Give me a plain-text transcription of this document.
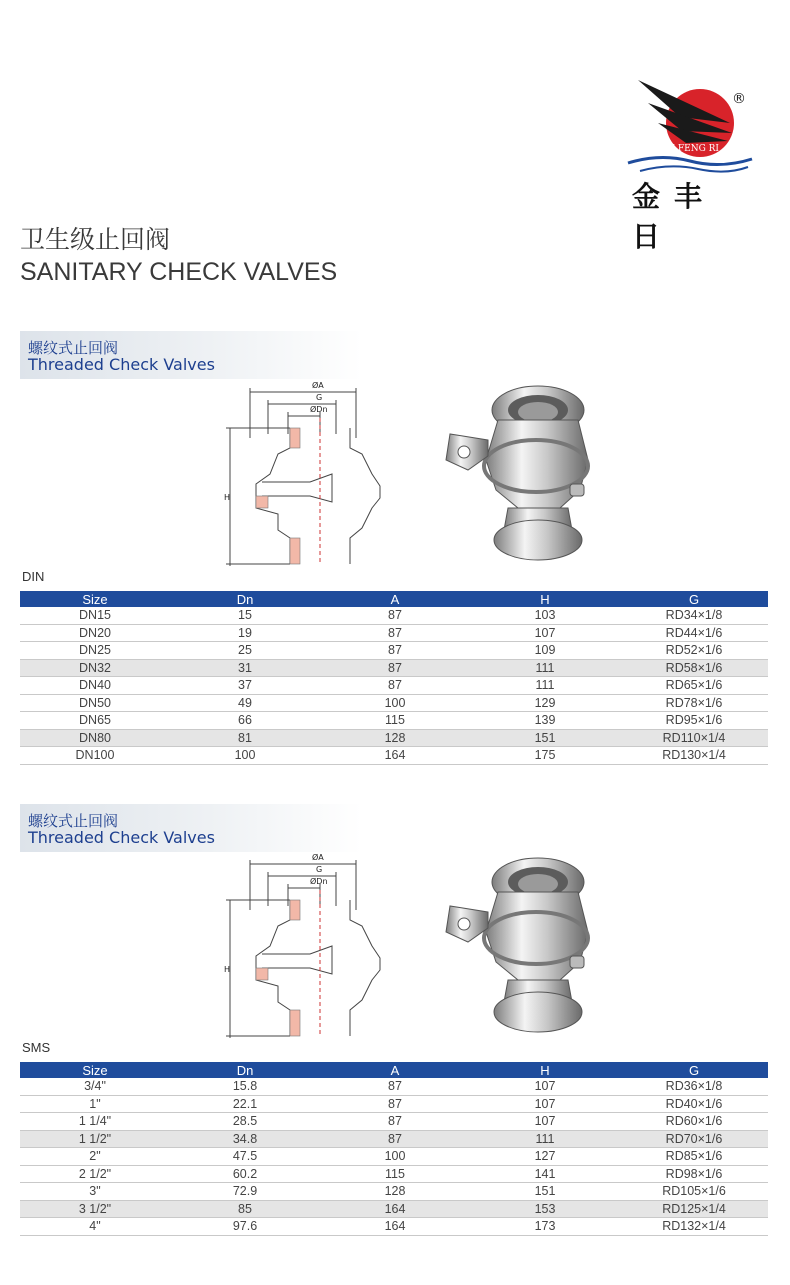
JIN FENG RI
®
金丰日
卫生级止回阀
SANITARY CHECK VALVES
螺纹式止回阀
Threaded Check Valves
ØA
G
ØDn
H
DIN
Size	Dn	A	H	G
DN15	15	87	103	RD34×1/8
DN20	19	87	107	RD44×1/6
DN25	25	87	109	RD52×1/6
DN32	31	87	111	RD58×1/6
DN40	37	87	111	RD65×1/6
DN50	49	100	129	RD78×1/6
DN65	66	115	139	RD95×1/6
DN80	81	128	151	RD110×1/4
DN100	100	164	175	RD130×1/4
螺纹式止回阀
Threaded Check Valves
ØA
G
ØDn
H
SMS
Size	Dn	A	H	G
3/4"	15.8	87	107	RD36×1/8
1"	22.1	87	107	RD40×1/6
1 1/4"	28.5	87	107	RD60×1/6
1 1/2"	34.8	87	111	RD70×1/6
2"	47.5	100	127	RD85×1/6
2 1/2"	60.2	115	141	RD98×1/6
3"	72.9	128	151	RD105×1/6
3 1/2"	85	164	153	RD125×1/4
4"	97.6	164	173	RD132×1/4
